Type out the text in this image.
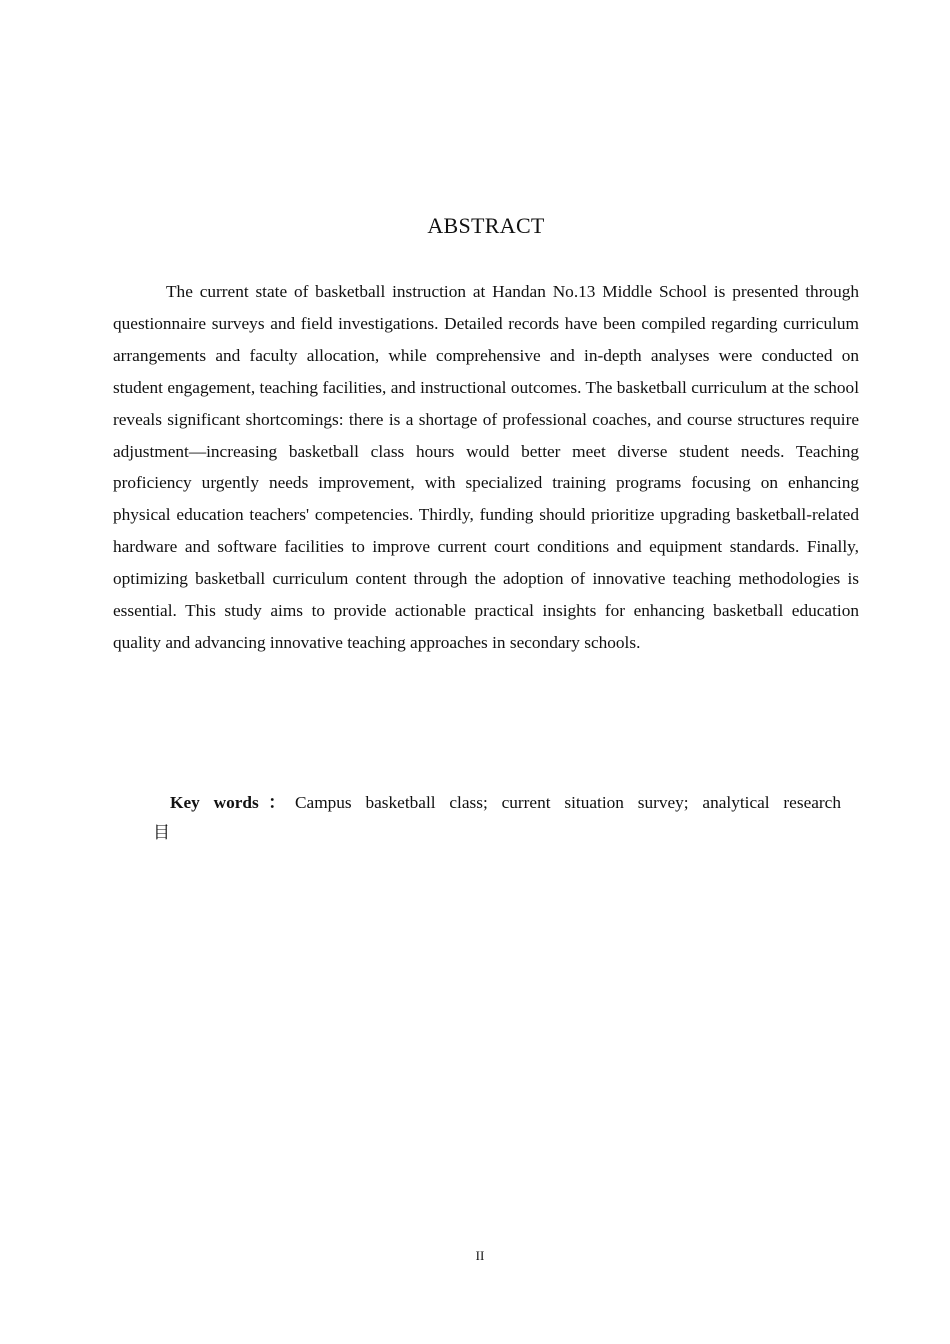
ABSTRACT

The current state of basketball instruction at Handan No.13 Middle School is presented through questionnaire surveys and field investigations. Detailed records have been compiled regarding curriculum arrangements and faculty allocation, while comprehensive and in-depth analyses were conducted on student engagement, teaching facilities, and instructional outcomes. The basketball curriculum at the school reveals significant shortcomings: there is a shortage of professional coaches, and course structures require adjustment—increasing basketball class hours would better meet diverse student needs. Teaching proficiency urgently needs improvement, with specialized training programs focusing on enhancing physical education teachers' competencies. Thirdly, funding should prioritize upgrading basketball-related hardware and software facilities to improve current court conditions and equipment standards. Finally, optimizing basketball curriculum content through the adoption of innovative teaching methodologies is essential. This study aims to provide actionable practical insights for enhancing basketball education quality and advancing innovative teaching approaches in secondary schools.

Key words：Campus basketball class; current situation survey; analytical research

目
II
